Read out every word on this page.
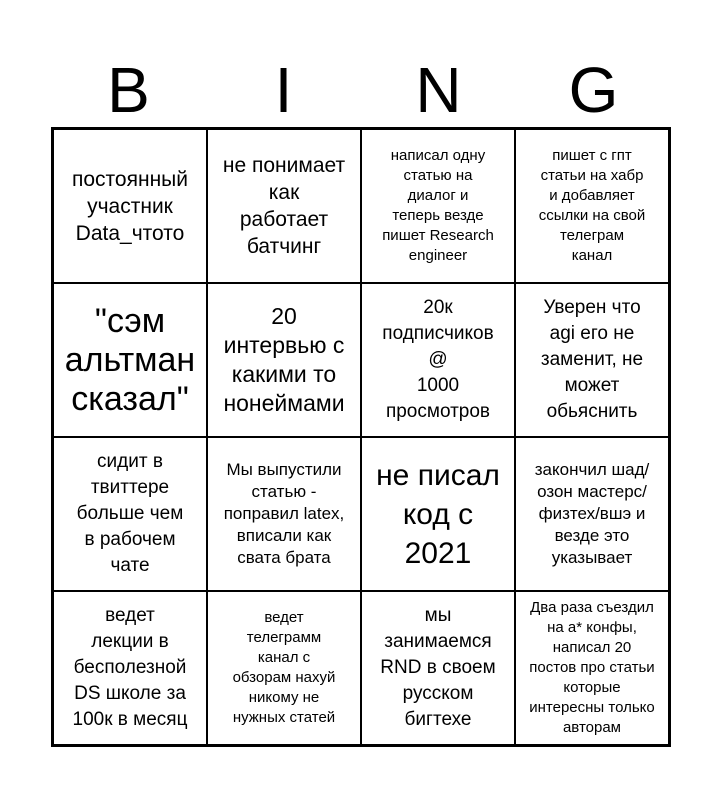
B	I	N	G
постоянный
участник
Data_чтото
не понимает
как
работает
батчинг
написал одну
статью на
диалог и
теперь везде
пишет Research
engineer
пишет с гпт
статьи на хабр
и добавляет
ссылки на свой
телеграм
канал
"сэм
альтман
сказал"
20
интервью с
какими то
нонеймами
20к
подписчиков
@
1000
просмотров
Уверен что
agi его не
заменит, не
может
обьяснить
сидит в
твиттере
больше чем
в рабочем
чате
Мы выпустили
статью -
поправил latex,
вписали как
свата брата
не писал
код с
2021
закончил шад/
озон мастерс/
физтех/вшэ и
везде это
указывает
ведет
лекции в
бесполезной
DS школе за
100к в месяц
ведет
телеграмм
канал с
обзорам нахуй
никому не
нужных статей
мы
занимаемся
RND в своем
русском
бигтехе
Два раза съездил
на а* конфы,
написал 20
постов про статьи
которые
интересны только
авторам
